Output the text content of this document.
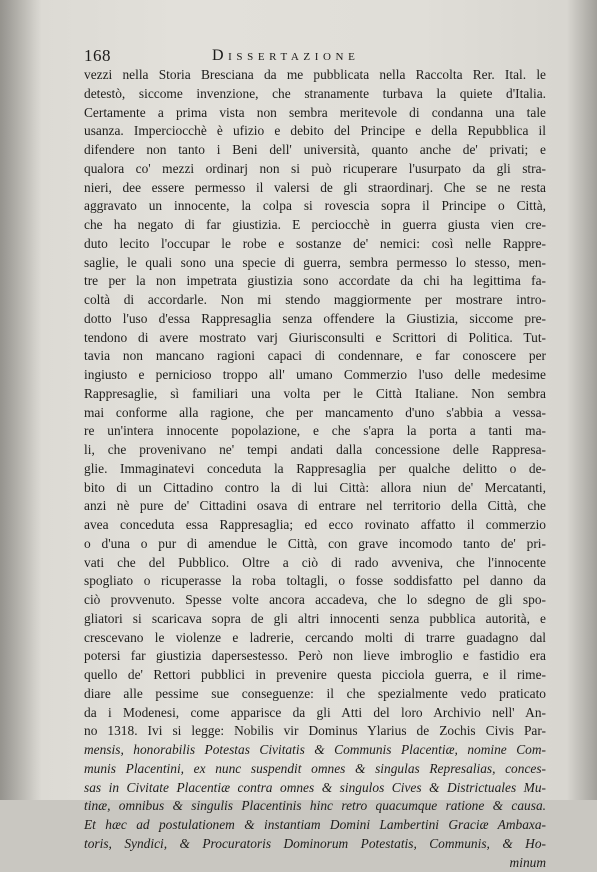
168	Dissertazione
vezzi nella Storia Bresciana da me pubblicata nella Raccolta Rer. Ital. le
detestò, siccome invenzione, che stranamente turbava la quiete d'Italia.
Certamente a prima vista non sembra meritevole di condanna una tale
usanza. Imperciocchè è ufizio e debito del Principe e della Repubblica il
difendere non tanto i Beni dell' università, quanto anche de' privati; e
qualora co' mezzi ordinarj non si può ricuperare l'usurpato da gli stra-
nieri, dee essere permesso il valersi de gli straordinarj. Che se ne resta
aggravato un innocente, la colpa si rovescia sopra il Principe o Città,
che ha negato di far giustizia. E perciocchè in guerra giusta vien cre-
duto lecito l'occupar le robe e sostanze de' nemici: così nelle Rappre-
saglie, le quali sono una specie di guerra, sembra permesso lo stesso, men-
tre per la non impetrata giustizia sono accordate da chi ha legittima fa-
coltà di accordarle. Non mi stendo maggiormente per mostrare intro-
dotto l'uso d'essa Rappresaglia senza offendere la Giustizia, siccome pre-
tendono di avere mostrato varj Giurisconsulti e Scrittori di Politica. Tut-
tavia non mancano ragioni capaci di condennare, e far conoscere per
ingiusto e pernicioso troppo all' umano Commerzio l'uso delle medesime
Rappresaglie, sì familiari una volta per le Città Italiane. Non sembra
mai conforme alla ragione, che per mancamento d'uno s'abbia a vessa-
re un'intera innocente popolazione, e che s'apra la porta a tanti ma-
li, che provenivano ne' tempi andati dalla concessione delle Rappresa-
glie. Immaginatevi conceduta la Rappresaglia per qualche delitto o de-
bito di un Cittadino contro la di lui Città: allora niun de' Mercatanti,
anzi nè pure de' Cittadini osava di entrare nel territorio della Città, che
avea conceduta essa Rappresaglia; ed ecco rovinato affatto il commerzio
o d'una o pur di amendue le Città, con grave incomodo tanto de' pri-
vati che del Pubblico. Oltre a ciò di rado avveniva, che l'innocente
spogliato o ricuperasse la roba toltagli, o fosse soddisfatto pel danno da
ciò provvenuto. Spesse volte ancora accadeva, che lo sdegno de gli spo-
gliatori si scaricava sopra de gli altri innocenti senza pubblica autorità, e
crescevano le violenze e ladrerie, cercando molti di trarre guadagno dal
potersi far giustizia dapersestesso. Però non lieve imbroglio e fastidio era
quello de' Rettori pubblici in prevenire questa picciola guerra, e il rime-
diare alle pessime sue conseguenze: il che spezialmente vedo praticato
da i Modenesi, come apparisce da gli Atti del loro Archivio nell' An-
no 1318. Ivi si legge: Nobilis vir Dominus Ylarius de Zochis Civis Par-
mensis, honorabilis Potestas Civitatis & Communis Placentiæ, nomine Com-
munis Placentini, ex nunc suspendit omnes & singulas Represalias, conces-
sas in Civitate Placentiæ contra omnes & singulos Cives & Districtuales Mu-
tinæ, omnibus & singulis Placentinis hinc retro quacumque ratione & causa.
Et hæc ad postulationem & instantiam Domini Lambertini Graciæ Ambaxa-
toris, Syndici, & Procuratoris Dominorum Potestatis, Communis, & Ho-
minum
